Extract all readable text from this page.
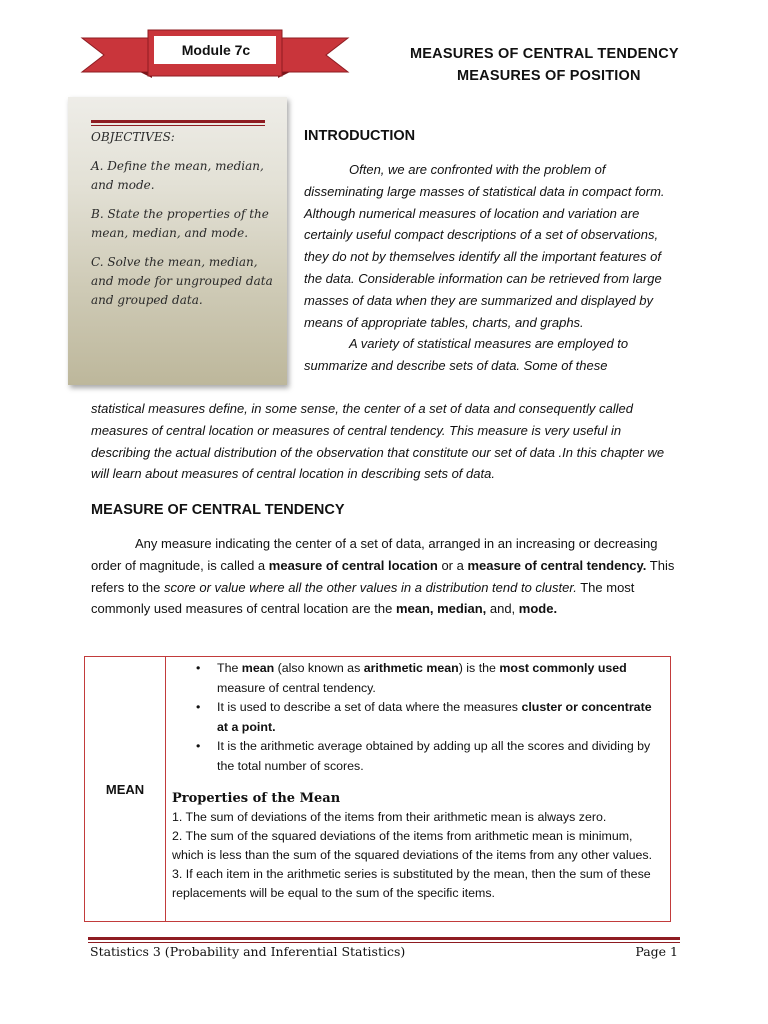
Module 7c	MEASURES OF CENTRAL TENDENCY
MEASURES OF POSITION

OBJECTIVES:

A. Define the mean, median, and mode.

B. State the properties of the mean, median, and mode.

C. Solve the mean, median, and mode for ungrouped data and grouped data.

INTRODUCTION

Often, we are confronted with the problem of disseminating large masses of statistical data in compact form. Although numerical measures of location and variation are certainly useful compact descriptions of a set of observations, they do not by themselves identify all the important features of the data. Considerable information can be retrieved from large masses of data when they are summarized and displayed by means of appropriate tables, charts, and graphs.

A variety of statistical measures are employed to summarize and describe sets of data. Some of these

statistical measures define, in some sense, the center of a set of data and consequently called measures of central location or measures of central tendency. This measure is very useful in describing the actual distribution of the observation that constitute our set of data .In this chapter we will learn about measures of central location in describing sets of data.

MEASURE OF CENTRAL TENDENCY

Any measure indicating the center of a set of data, arranged in an increasing or decreasing order of magnitude, is called a measure of central location or a measure of central tendency. This refers to the score or value where all the other values in a distribution tend to cluster. The most commonly used measures of central location are the mean, median, and, mode.

MEAN
• The mean (also known as arithmetic mean) is the most commonly used measure of central tendency.
• It is used to describe a set of data where the measures cluster or concentrate at a point.
• It is the arithmetic average obtained by adding up all the scores and dividing by the total number of scores.
Properties of the Mean

1. The sum of deviations of the items from their arithmetic mean is always zero.

2. The sum of the squared deviations of the items from arithmetic mean is minimum, which is less than the sum of the squared deviations of the items from any other values.

3. If each item in the arithmetic series is substituted by the mean, then the sum of these replacements will be equal to the sum of the specific items.

Statistics 3 (Probability and Inferential Statistics)	Page 1
